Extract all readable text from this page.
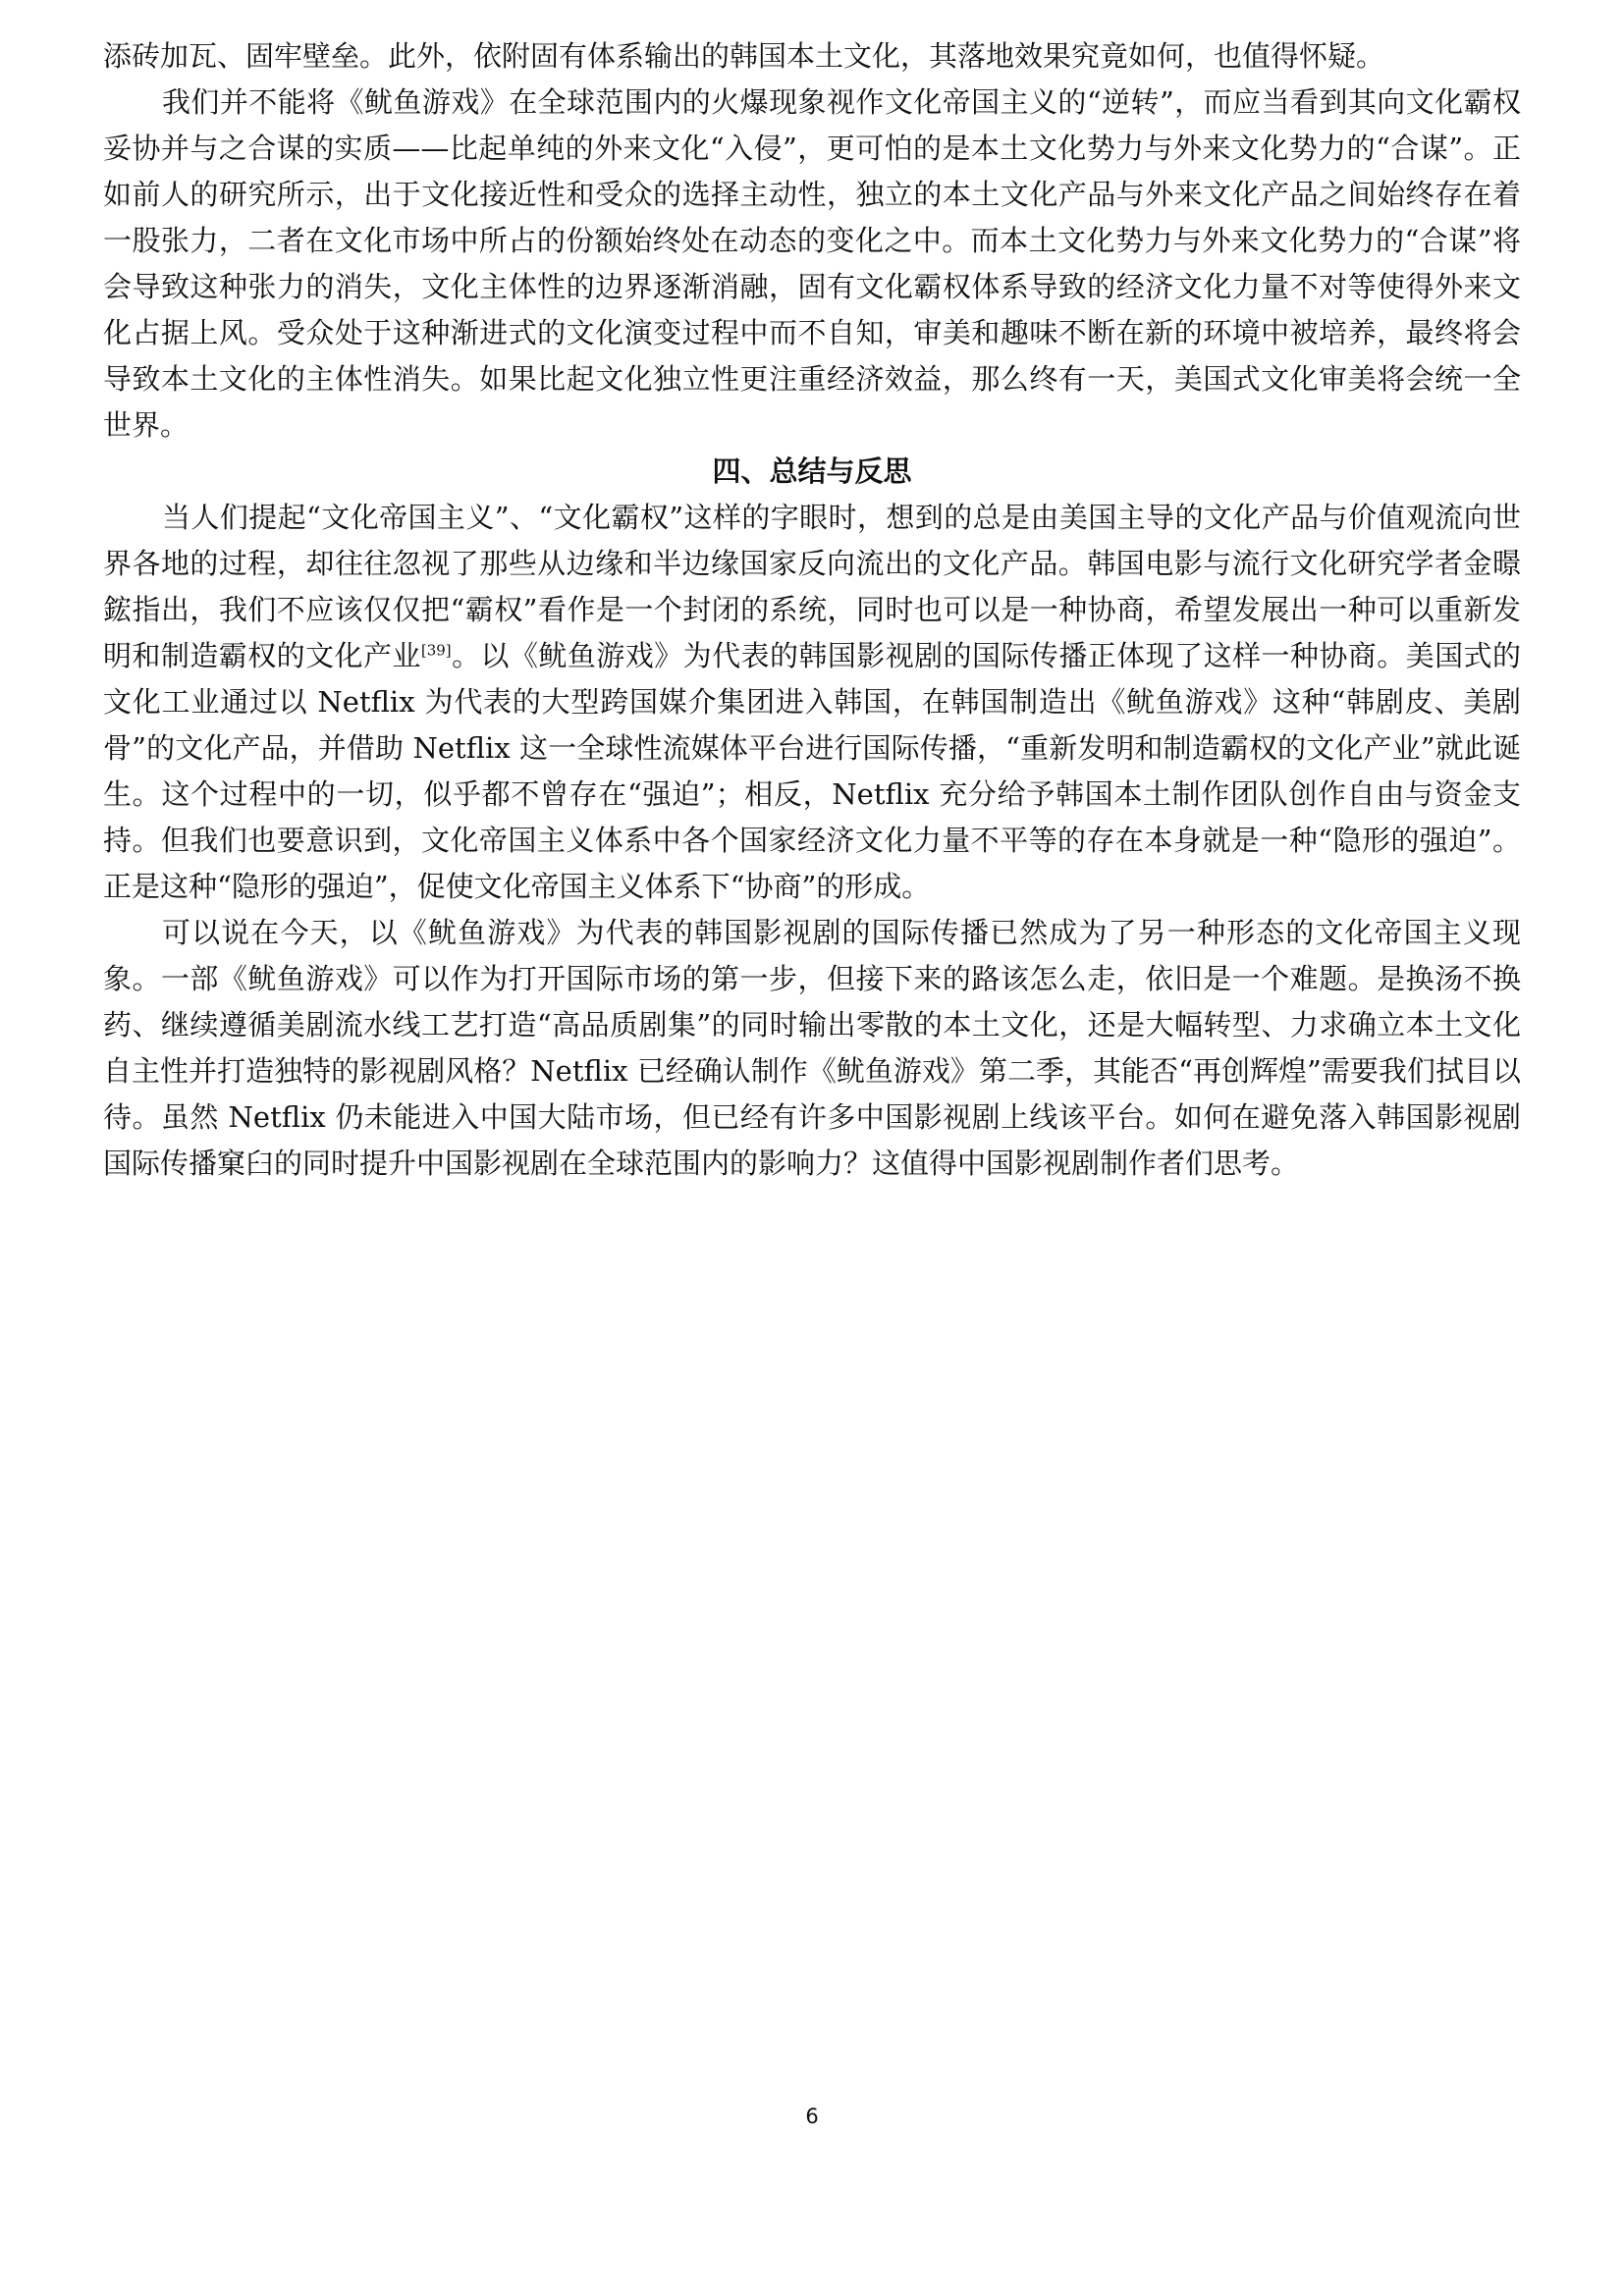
添砖加瓦、固牢壁垒。此外，依附固有体系输出的韩国本土文化，其落地效果究竟如何，也值得怀疑。

我们并不能将《鱿鱼游戏》在全球范围内的火爆现象视作文化帝国主义的“逆转”，而应当看到其向文化霸权妥协并与之合谋的实质——比起单纯的外来文化“入侵”，更可怕的是本土文化势力与外来文化势力的“合谋”。正如前人的研究所示，出于文化接近性和受众的选择主动性，独立的本土文化产品与外来文化产品之间始终存在着一股张力，二者在文化市场中所占的份额始终处在动态的变化之中。而本土文化势力与外来文化势力的“合谋”将会导致这种张力的消失，文化主体性的边界逐渐消融，固有文化霸权体系导致的经济文化力量不对等使得外来文化占据上风。受众处于这种渐进式的文化演变过程中而不自知，审美和趣味不断在新的环境中被培养，最终将会导致本土文化的主体性消失。如果比起文化独立性更注重经济效益，那么终有一天，美国式文化审美将会统一全世界。

四、总结与反思

当人们提起“文化帝国主义”、“文化霸权”这样的字眼时，想到的总是由美国主导的文化产品与价值观流向世界各地的过程，却往往忽视了那些从边缘和半边缘国家反向流出的文化产品。韩国电影与流行文化研究学者金暻鋐指出，我们不应该仅仅把“霸权”看作是一个封闭的系统，同时也可以是一种协商，希望发展出一种可以重新发明和制造霸权的文化产业[39]。以《鱿鱼游戏》为代表的韩国影视剧的国际传播正体现了这样一种协商。美国式的文化工业通过以 Netflix 为代表的大型跨国媒介集团进入韩国，在韩国制造出《鱿鱼游戏》这种“韩剧皮、美剧骨”的文化产品，并借助 Netflix 这一全球性流媒体平台进行国际传播，“重新发明和制造霸权的文化产业”就此诞生。这个过程中的一切，似乎都不曾存在“强迫”；相反，Netflix 充分给予韩国本土制作团队创作自由与资金支持。但我们也要意识到，文化帝国主义体系中各个国家经济文化力量不平等的存在本身就是一种“隐形的强迫”。正是这种“隐形的强迫”，促使文化帝国主义体系下“协商”的形成。

可以说在今天，以《鱿鱼游戏》为代表的韩国影视剧的国际传播已然成为了另一种形态的文化帝国主义现象。一部《鱿鱼游戏》可以作为打开国际市场的第一步，但接下来的路该怎么走，依旧是一个难题。是换汤不换药、继续遵循美剧流水线工艺打造“高品质剧集”的同时输出零散的本土文化，还是大幅转型、力求确立本土文化自主性并打造独特的影视剧风格？Netflix 已经确认制作《鱿鱼游戏》第二季，其能否“再创辉煌”需要我们拭目以待。虽然 Netflix 仍未能进入中国大陆市场，但已经有许多中国影视剧上线该平台。如何在避免落入韩国影视剧国际传播窠臼的同时提升中国影视剧在全球范围内的影响力？这值得中国影视剧制作者们思考。

6
